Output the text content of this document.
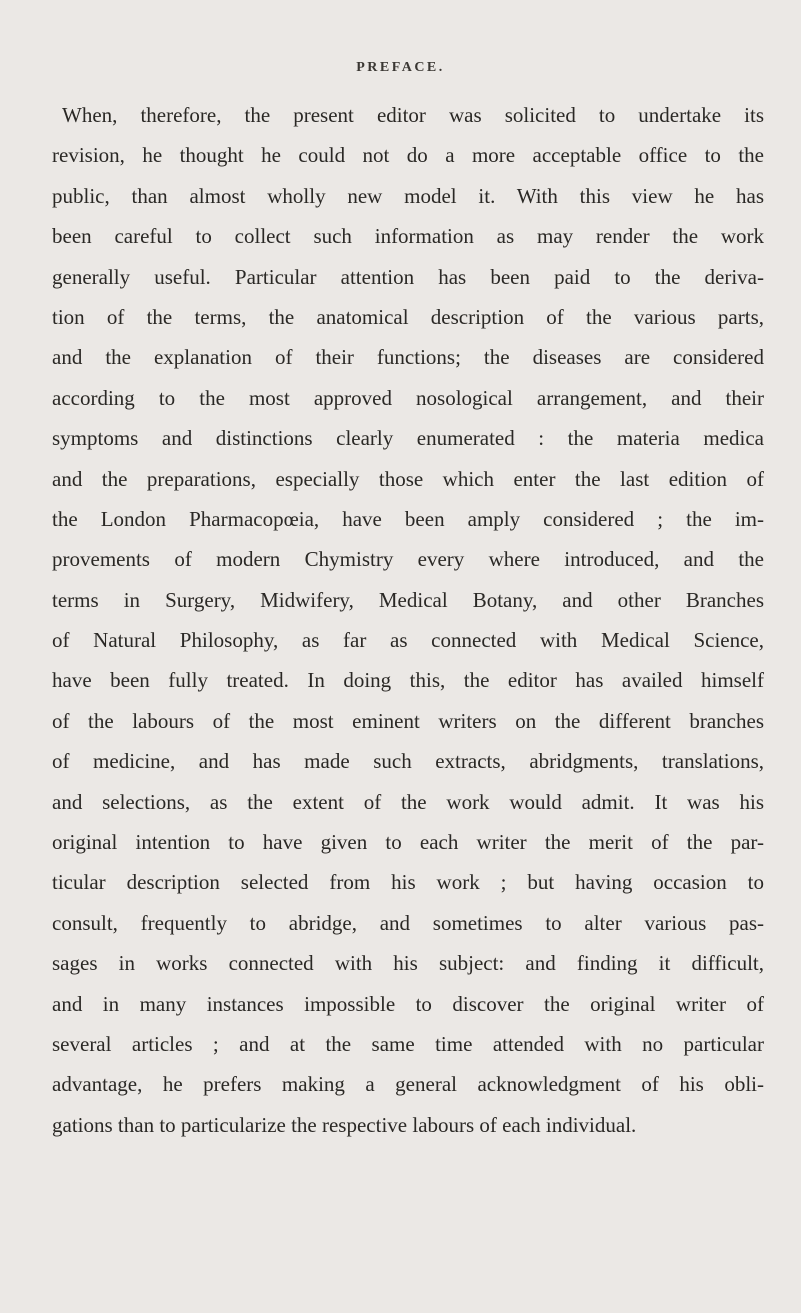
PREFACE.
When, therefore, the present editor was solicited to undertake its
revision, he thought he could not do a more acceptable office to the
public, than almost wholly new model it. With this view he has
been careful to collect such information as may render the work
generally useful. Particular attention has been paid to the deriva-
tion of the terms, the anatomical description of the various parts,
and the explanation of their functions; the diseases are considered
according to the most approved nosological arrangement, and their
symptoms and distinctions clearly enumerated : the materia medica
and the preparations, especially those which enter the last edition of
the London Pharmacopœia, have been amply considered ; the im-
provements of modern Chymistry every where introduced, and the
terms in Surgery, Midwifery, Medical Botany, and other Branches
of Natural Philosophy, as far as connected with Medical Science,
have been fully treated. In doing this, the editor has availed himself
of the labours of the most eminent writers on the different branches
of medicine, and has made such extracts, abridgments, translations,
and selections, as the extent of the work would admit. It was his
original intention to have given to each writer the merit of the par-
ticular description selected from his work ; but having occasion to
consult, frequently to abridge, and sometimes to alter various pas-
sages in works connected with his subject: and finding it difficult,
and in many instances impossible to discover the original writer of
several articles ; and at the same time attended with no particular
advantage, he prefers making a general acknowledgment of his obli-
gations than to particularize the respective labours of each individual.
